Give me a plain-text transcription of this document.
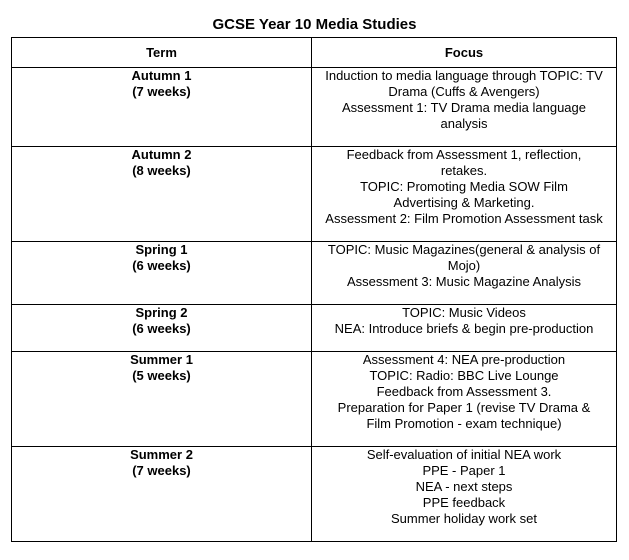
GCSE Year 10 Media Studies
Term	Focus

Autumn 1
(7 weeks)	Induction to media language through TOPIC: TV
Drama (Cuffs & Avengers)
Assessment 1: TV Drama media language
analysis

Autumn 2
(8 weeks)	Feedback from Assessment 1, reflection,
retakes.
TOPIC: Promoting Media SOW Film
Advertising & Marketing.
Assessment 2: Film Promotion Assessment task

Spring 1
(6 weeks)	TOPIC: Music Magazines(general & analysis of
Mojo)
Assessment 3: Music Magazine Analysis

Spring 2
(6 weeks)	TOPIC: Music Videos
NEA: Introduce briefs & begin pre-production

Summer 1
(5 weeks)	Assessment 4: NEA pre-production
TOPIC: Radio: BBC Live Lounge
Feedback from Assessment 3.
Preparation for Paper 1 (revise TV Drama &
Film Promotion - exam technique)

Summer 2
(7 weeks)	Self-evaluation of initial NEA work
PPE - Paper 1
NEA - next steps
PPE feedback
Summer holiday work set
